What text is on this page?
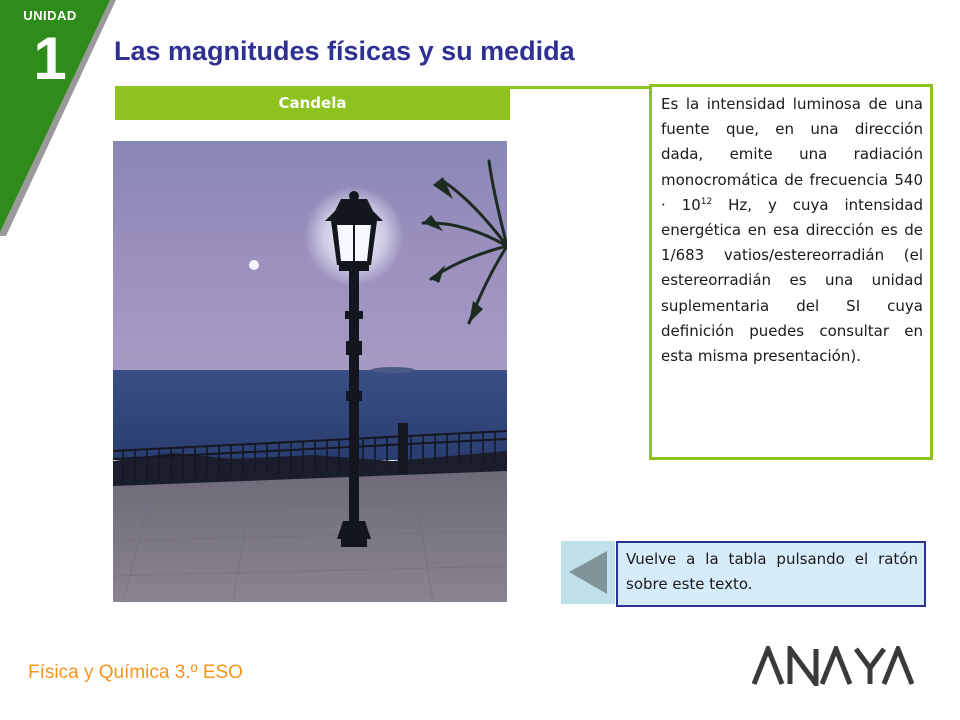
UNIDAD
1	Las magnitudes físicas y su medida
Candela	Es la intensidad luminosa de una fuente que, en una dirección dada, emite una radiación monocromática de frecuencia $540 \cdot 10^{12}$ Hz, y cuya intensidad energética en esa dirección es de 1/683 vatios/estereorradián (el estereorradián es una unidad suplementaria del SI cuya definición puedes consultar en esta misma presentación).
Vuelve a la tabla pulsando el ratón sobre este texto.
Física y Química 3.º ESO
